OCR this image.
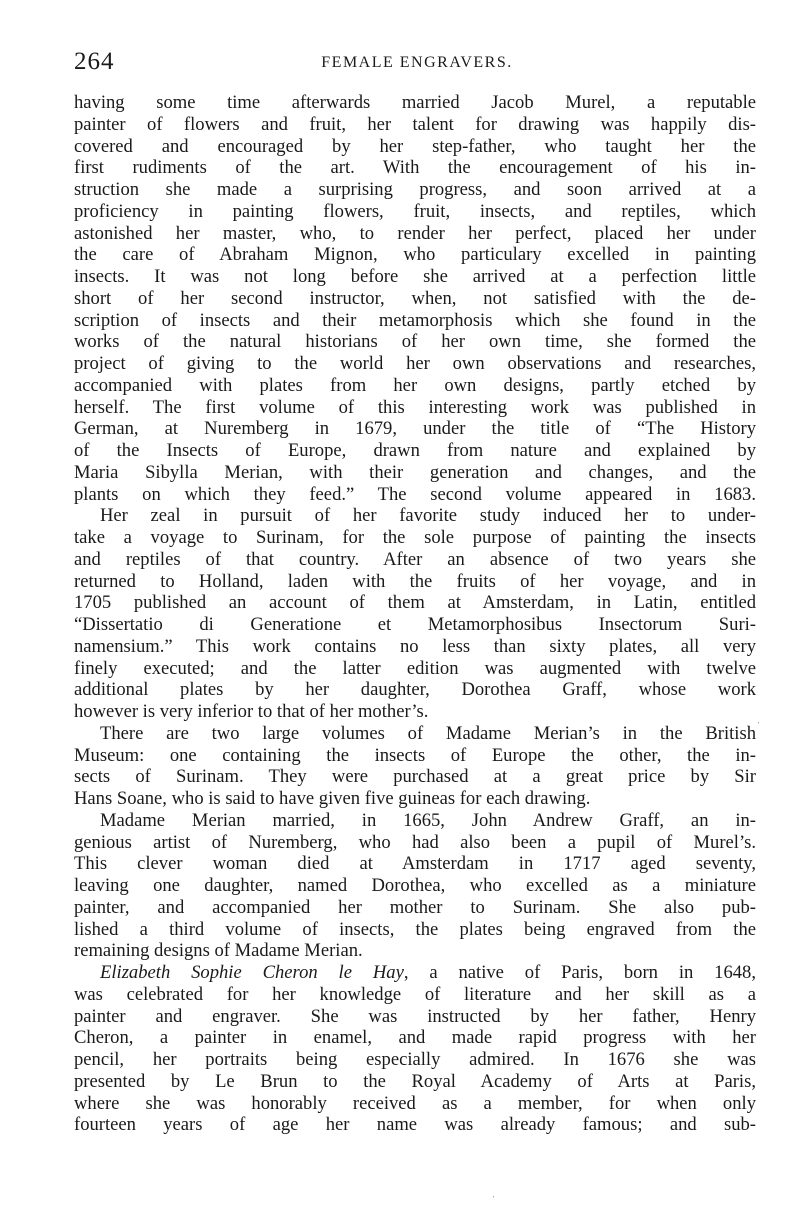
264	FEMALE ENGRAVERS.
having some time afterwards married Jacob Murel, a reputable
painter of flowers and fruit, her talent for drawing was happily dis-
covered and encouraged by her step-father, who taught her the
first rudiments of the art. With the encouragement of his in-
struction she made a surprising progress, and soon arrived at a
proficiency in painting flowers, fruit, insects, and reptiles, which
astonished her master, who, to render her perfect, placed her under
the care of Abraham Mignon, who particulary excelled in painting
insects. It was not long before she arrived at a perfection little
short of her second instructor, when, not satisfied with the de-
scription of insects and their metamorphosis which she found in the
works of the natural historians of her own time, she formed the
project of giving to the world her own observations and researches,
accompanied with plates from her own designs, partly etched by
herself. The first volume of this interesting work was published in
German, at Nuremberg in 1679, under the title of “The History
of the Insects of Europe, drawn from nature and explained by
Maria Sibylla Merian, with their generation and changes, and the
plants on which they feed.” The second volume appeared in 1683.
Her zeal in pursuit of her favorite study induced her to under-
take a voyage to Surinam, for the sole purpose of painting the insects
and reptiles of that country. After an absence of two years she
returned to Holland, laden with the fruits of her voyage, and in
1705 published an account of them at Amsterdam, in Latin, entitled
“Dissertatio di Generatione et Metamorphosibus Insectorum Suri-
namensium.” This work contains no less than sixty plates, all very
finely executed; and the latter edition was augmented with twelve
additional plates by her daughter, Dorothea Graff, whose work
however is very inferior to that of her mother’s.
There are two large volumes of Madame Merian’s in the British
Museum: one containing the insects of Europe the other, the in-
sects of Surinam. They were purchased at a great price by Sir
Hans Soane, who is said to have given five guineas for each drawing.
Madame Merian married, in 1665, John Andrew Graff, an in-
genious artist of Nuremberg, who had also been a pupil of Murel’s.
This clever woman died at Amsterdam in 1717 aged seventy,
leaving one daughter, named Dorothea, who excelled as a miniature
painter, and accompanied her mother to Surinam. She also pub-
lished a third volume of insects, the plates being engraved from the
remaining designs of Madame Merian.
Elizabeth Sophie Cheron le Hay, a native of Paris, born in 1648,
was celebrated for her knowledge of literature and her skill as a
painter and engraver. She was instructed by her father, Henry
Cheron, a painter in enamel, and made rapid progress with her
pencil, her portraits being especially admired. In 1676 she was
presented by Le Brun to the Royal Academy of Arts at Paris,
where she was honorably received as a member, for when only
fourteen years of age her name was already famous; and sub-
‧
‧
